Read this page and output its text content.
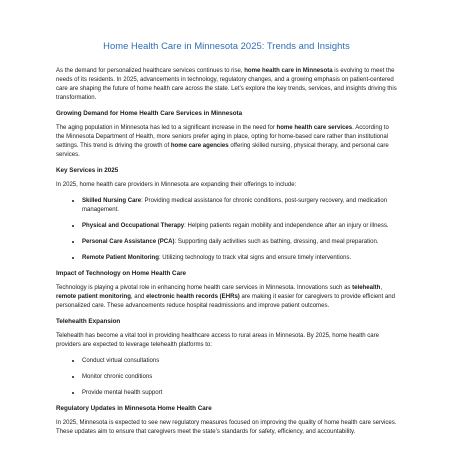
Home Health Care in Minnesota 2025: Trends and Insights

As the demand for personalized healthcare services continues to rise, home health care in Minnesota is evolving to meet the needs of its residents. In 2025, advancements in technology, regulatory changes, and a growing emphasis on patient-centered care are shaping the future of home health care across the state. Let’s explore the key trends, services, and insights driving this transformation.

Growing Demand for Home Health Care Services in Minnesota

The aging population in Minnesota has led to a significant increase in the need for home health care services. According to the Minnesota Department of Health, more seniors prefer aging in place, opting for home-based care rather than institutional settings. This trend is driving the growth of home care agencies offering skilled nursing, physical therapy, and personal care services.

Key Services in 2025

In 2025, home health care providers in Minnesota are expanding their offerings to include:

• Skilled Nursing Care: Providing medical assistance for chronic conditions, post-surgery recovery, and medication management.
• Physical and Occupational Therapy: Helping patients regain mobility and independence after an injury or illness.
• Personal Care Assistance (PCA): Supporting daily activities such as bathing, dressing, and meal preparation.
• Remote Patient Monitoring: Utilizing technology to track vital signs and ensure timely interventions.
Impact of Technology on Home Health Care

Technology is playing a pivotal role in enhancing home health care services in Minnesota. Innovations such as telehealth, remote patient monitoring, and electronic health records (EHRs) are making it easier for caregivers to provide efficient and personalized care. These advancements reduce hospital readmissions and improve patient outcomes.

Telehealth Expansion

Telehealth has become a vital tool in providing healthcare access to rural areas in Minnesota. By 2025, home health care providers are expected to leverage telehealth platforms to:

• Conduct virtual consultations
• Monitor chronic conditions
• Provide mental health support
Regulatory Updates in Minnesota Home Health Care

In 2025, Minnesota is expected to see new regulatory measures focused on improving the quality of home health care services. These updates aim to ensure that caregivers meet the state’s standards for safety, efficiency, and accountability.
